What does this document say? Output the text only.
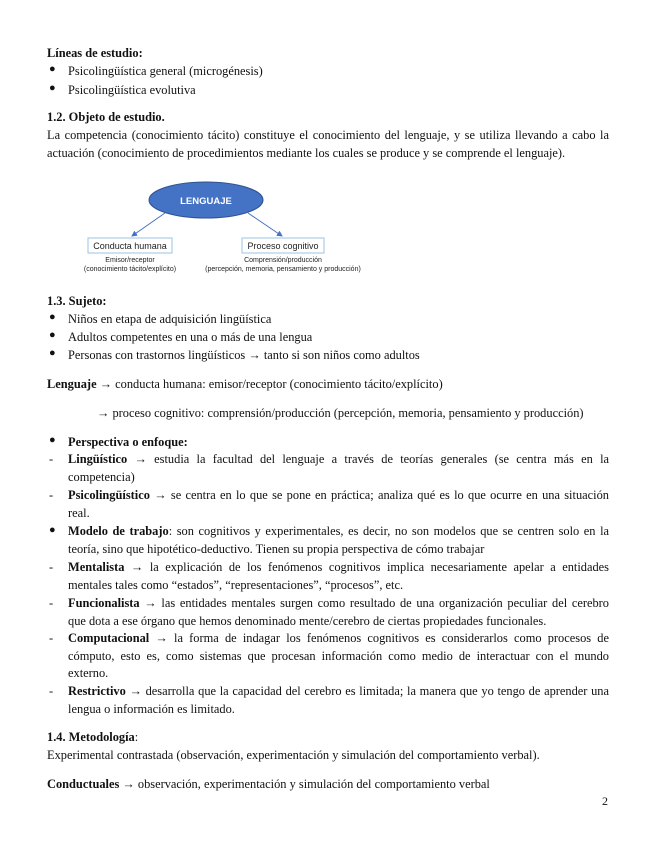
Líneas de estudio:
● Psicolingüística general (microgénesis)
● Psicolingüística evolutiva
1.2. Objeto de estudio.
La competencia (conocimiento tácito) constituye el conocimiento del lenguaje, y se utiliza llevando a cabo la actuación (conocimiento de procedimientos mediante los cuales se produce y se comprende el lenguaje).
LENGUAJE
Conducta humana
Emisor/receptor
(conocimiento tácito/explícito)
Proceso cognitivo
Comprensión/producción
(percepción, memoria, pensamiento y producción)
1.3. Sujeto:
● Niños en etapa de adquisición lingüística
● Adultos competentes en una o más de una lengua
● Personas con trastornos lingüísticos → tanto si son niños como adultos
Lenguaje → conducta humana: emisor/receptor (conocimiento tácito/explícito)
→ proceso cognitivo: comprensión/producción (percepción, memoria, pensamiento y producción)
● Perspectiva o enfoque:
- Lingüístico → estudia la facultad del lenguaje a través de teorías generales (se centra más en la competencia)
- Psicolingüístico → se centra en lo que se pone en práctica; analiza qué es lo que ocurre en una situación real.
● Modelo de trabajo: son cognitivos y experimentales, es decir, no son modelos que se centren solo en la teoría, sino que hipotético-deductivo. Tienen su propia perspectiva de cómo trabajar
- Mentalista → la explicación de los fenómenos cognitivos implica necesariamente apelar a entidades mentales tales como “estados”, “representaciones”, “procesos”, etc.
- Funcionalista → las entidades mentales surgen como resultado de una organización peculiar del cerebro que dota a ese órgano que hemos denominado mente/cerebro de ciertas propiedades funcionales.
- Computacional → la forma de indagar los fenómenos cognitivos es considerarlos como procesos de cómputo, esto es, como sistemas que procesan información como medio de interactuar con el mundo externo.
- Restrictivo → desarrolla que la capacidad del cerebro es limitada; la manera que yo tengo de aprender una lengua o información es limitado.
1.4. Metodología:
Experimental contrastada (observación, experimentación y simulación del comportamiento verbal).
Conductuales → observación, experimentación y simulación del comportamiento verbal
2
